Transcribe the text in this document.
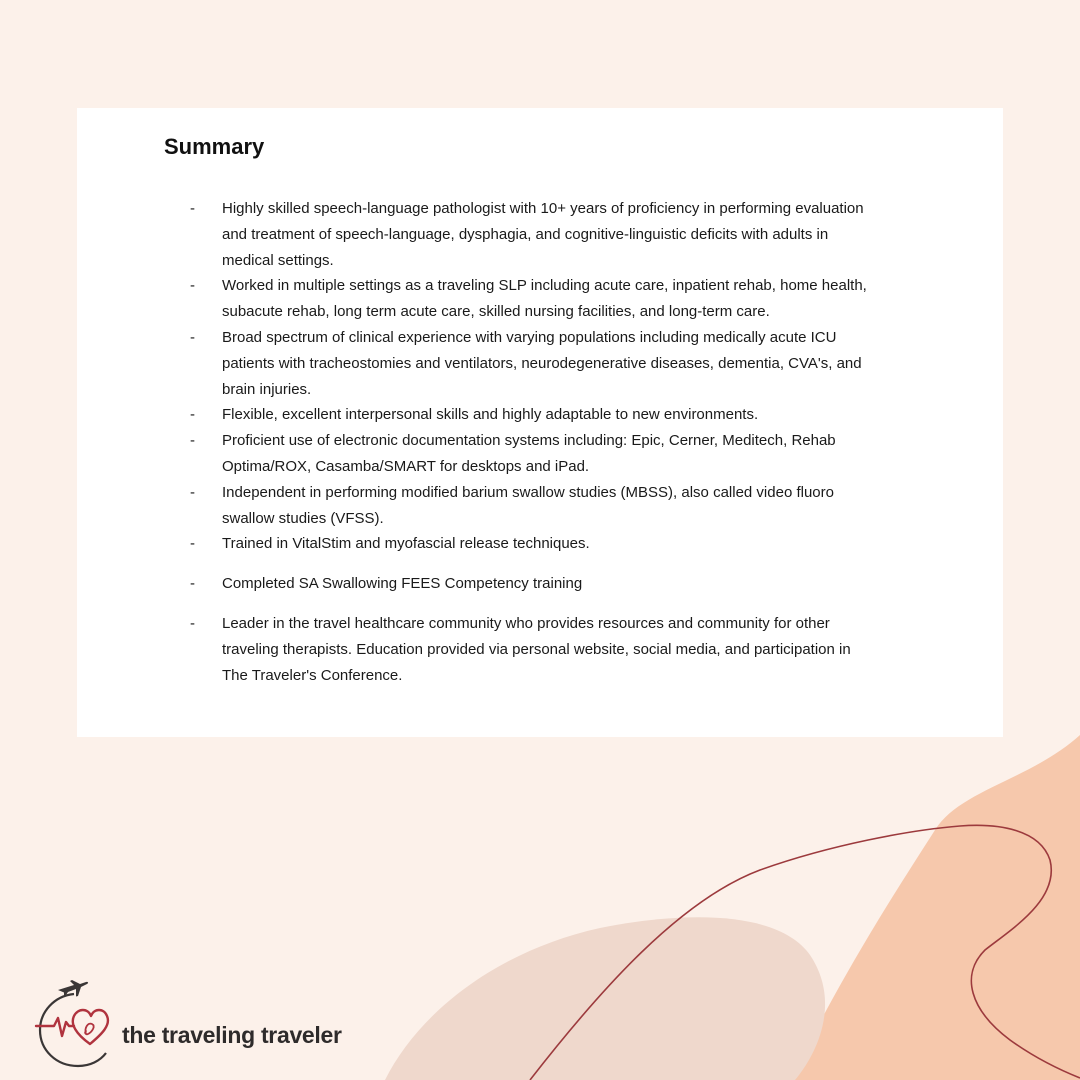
Summary
- Highly skilled speech-language pathologist with 10+ years of proficiency in performing evaluation and treatment of speech-language, dysphagia, and cognitive-linguistic deficits with adults in medical settings.
- Worked in multiple settings as a traveling SLP including acute care, inpatient rehab, home health, subacute rehab, long term acute care, skilled nursing facilities, and long-term care.
- Broad spectrum of clinical experience with varying populations including medically acute ICU patients with tracheostomies and ventilators, neurodegenerative diseases, dementia, CVA's, and brain injuries.
- Flexible, excellent interpersonal skills and highly adaptable to new environments.
- Proficient use of electronic documentation systems including: Epic, Cerner, Meditech, Rehab Optima/ROX, Casamba/SMART for desktops and iPad.
- Independent in performing modified barium swallow studies (MBSS), also called video fluoro swallow studies (VFSS).
- Trained in VitalStim and myofascial release techniques.
- Completed SA Swallowing FEES Competency training
- Leader in the travel healthcare community who provides resources and community for other traveling therapists. Education provided via personal website, social media, and participation in The Traveler's Conference.
the traveling traveler
